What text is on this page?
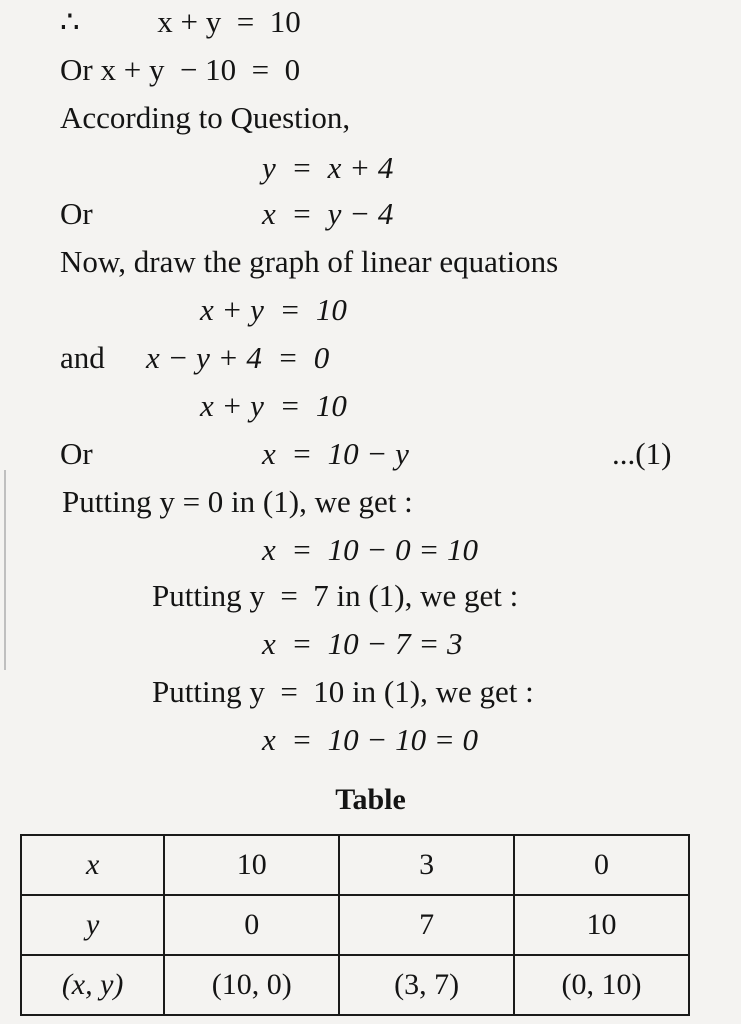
∴          x + y  =  10
Or x + y  − 10  =  0
According to Question,
y  =  x + 4
Or	x  =  y − 4
Now, draw the graph of linear equations
x + y  =  10
and x − y + 4  =  0
x + y  =  10
Or	x  =  10 − y	...(1)
Putting y = 0 in (1), we get :
x  =  10 − 0 = 10
Putting y  =  7 in (1), we get :
x  =  10 − 7 = 3
Putting y  =  10 in (1), we get :
x  =  10 − 10 = 0
Table
x	10	3	0
y	0	7	10
(x, y)	(10, 0)	(3, 7)	(0, 10)
